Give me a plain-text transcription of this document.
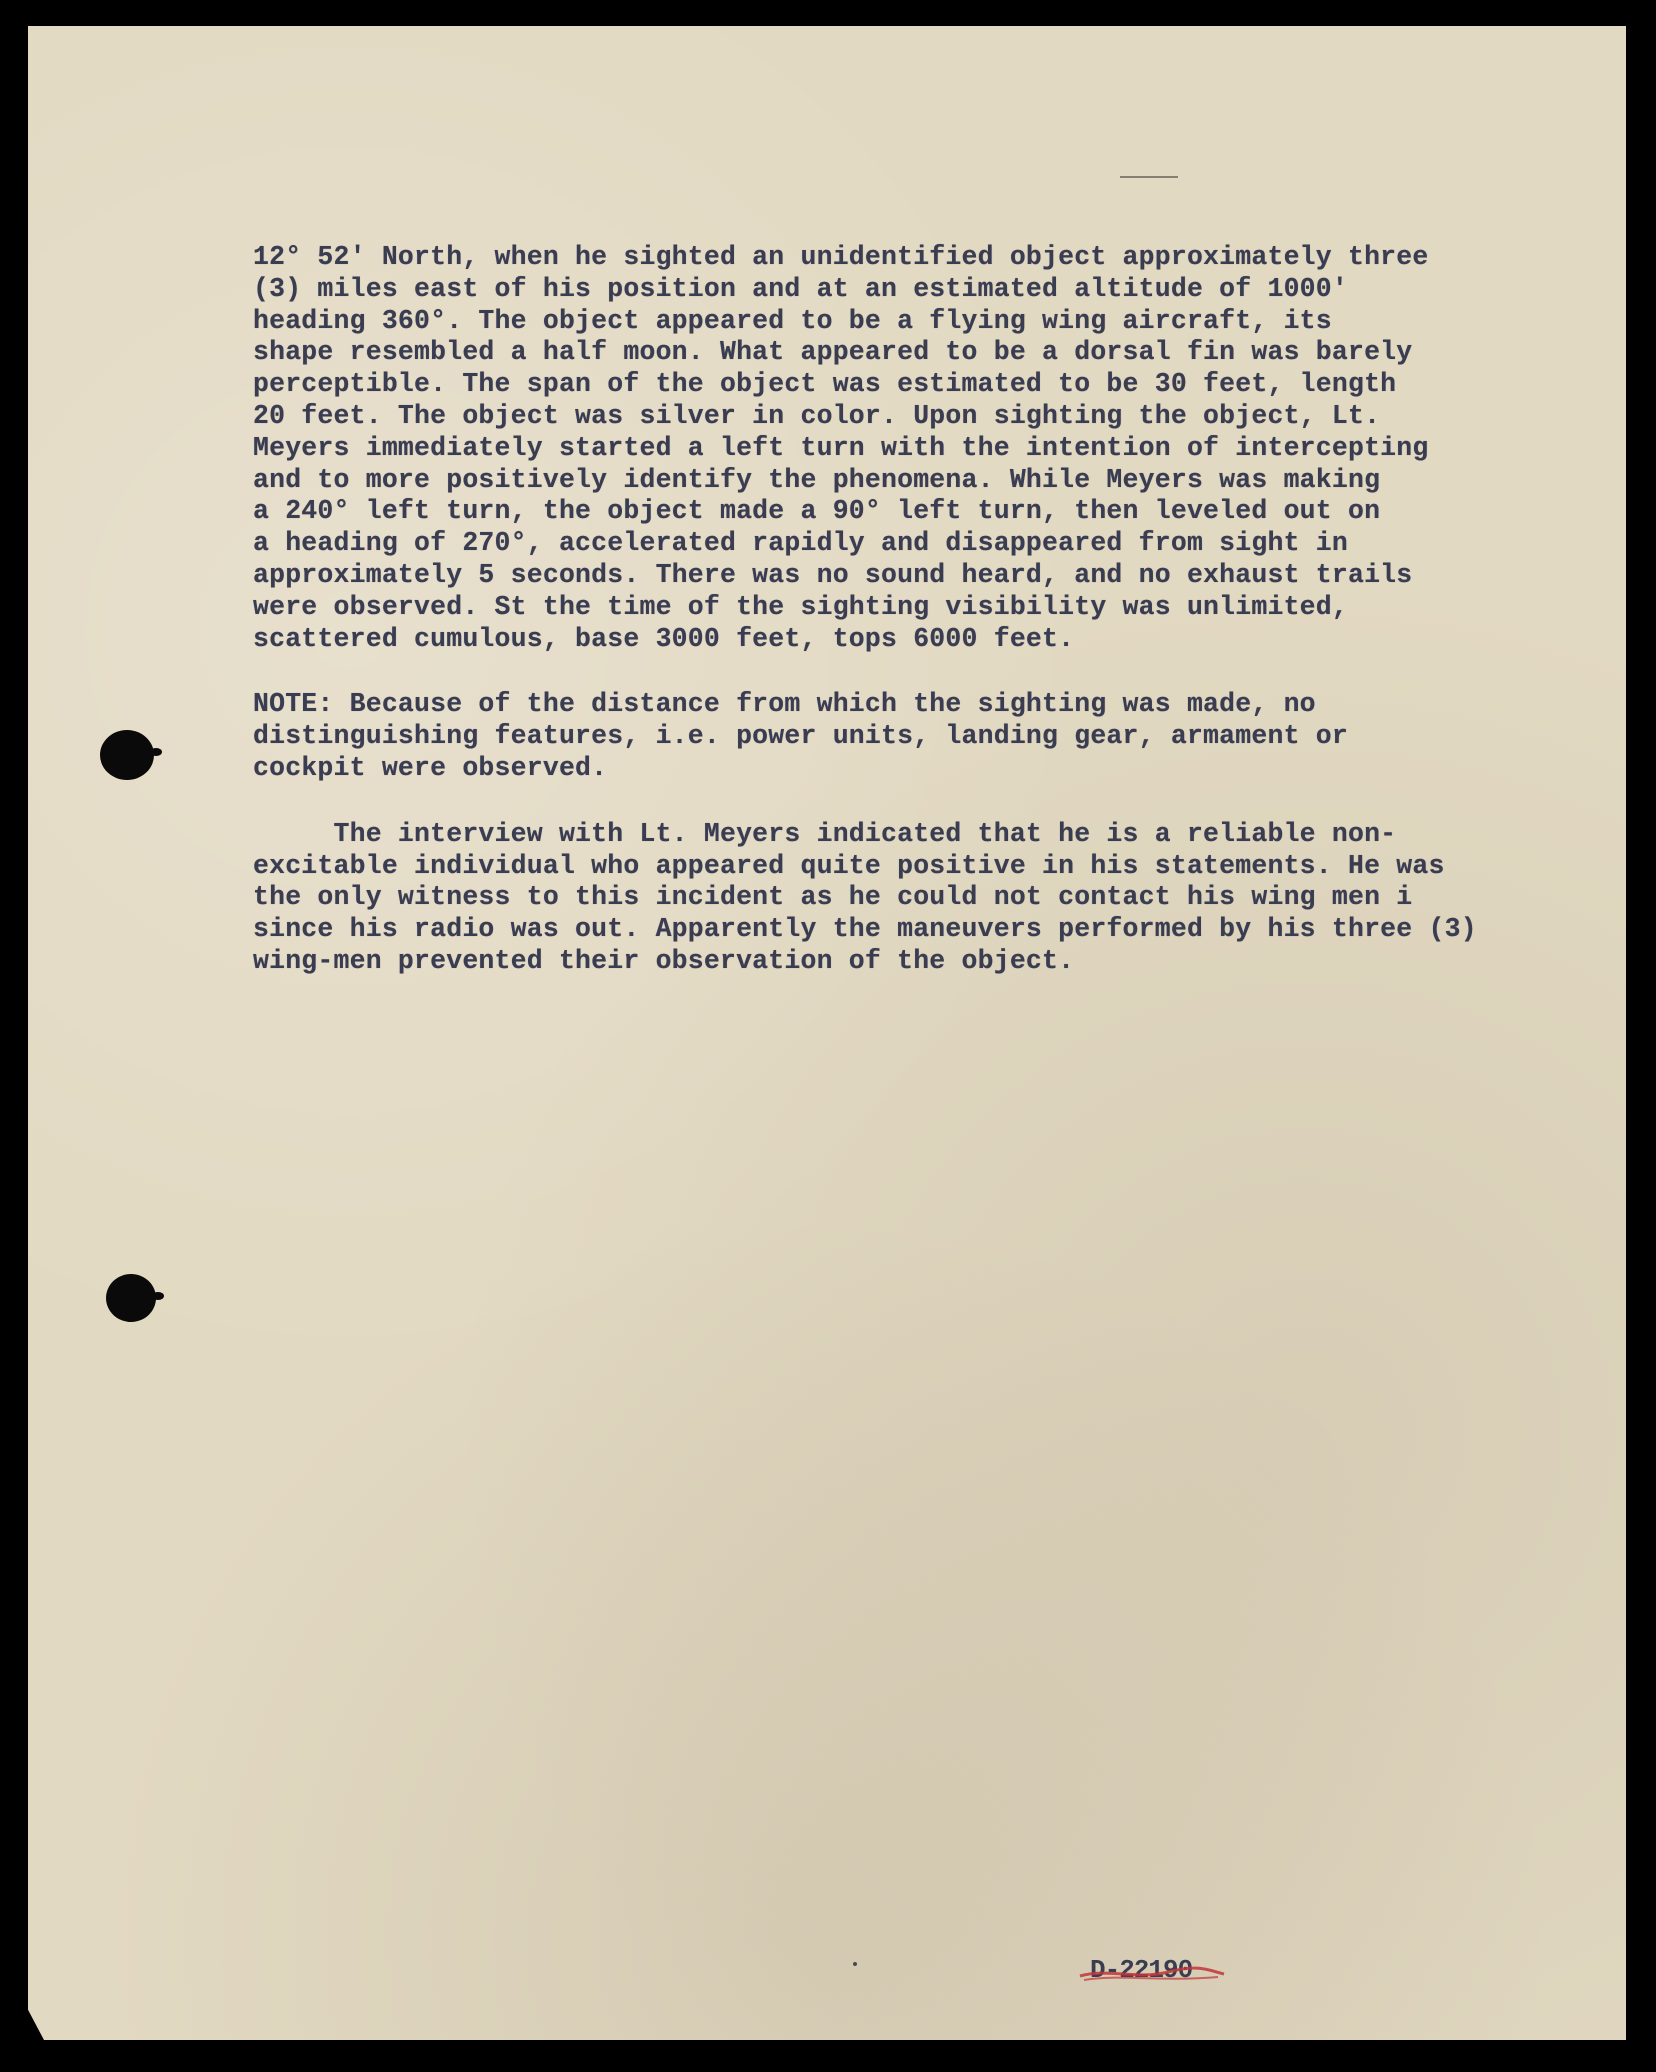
12° 52' North, when he sighted an unidentified object approximately three
(3) miles east of his position and at an estimated altitude of 1000'
heading 360°. The object appeared to be a flying wing aircraft, its
shape resembled a half moon. What appeared to be a dorsal fin was barely
perceptible. The span of the object was estimated to be 30 feet, length
20 feet. The object was silver in color. Upon sighting the object, Lt.
Meyers immediately started a left turn with the intention of intercepting
and to more positively identify the phenomena. While Meyers was making
a 240° left turn, the object made a 90° left turn, then leveled out on
a heading of 270°, accelerated rapidly and disappeared from sight in
approximately 5 seconds. There was no sound heard, and no exhaust trails
were observed. St the time of the sighting visibility was unlimited,
scattered cumulous, base 3000 feet, tops 6000 feet.
NOTE: Because of the distance from which the sighting was made, no
distinguishing features, i.e. power units, landing gear, armament or
cockpit were observed.
The interview with Lt. Meyers indicated that he is a reliable non-
excitable individual who appeared quite positive in his statements. He was
the only witness to this incident as he could not contact his wing men i
since his radio was out. Apparently the maneuvers performed by his three (3)
wing-men prevented their observation of the object.
D-22190
